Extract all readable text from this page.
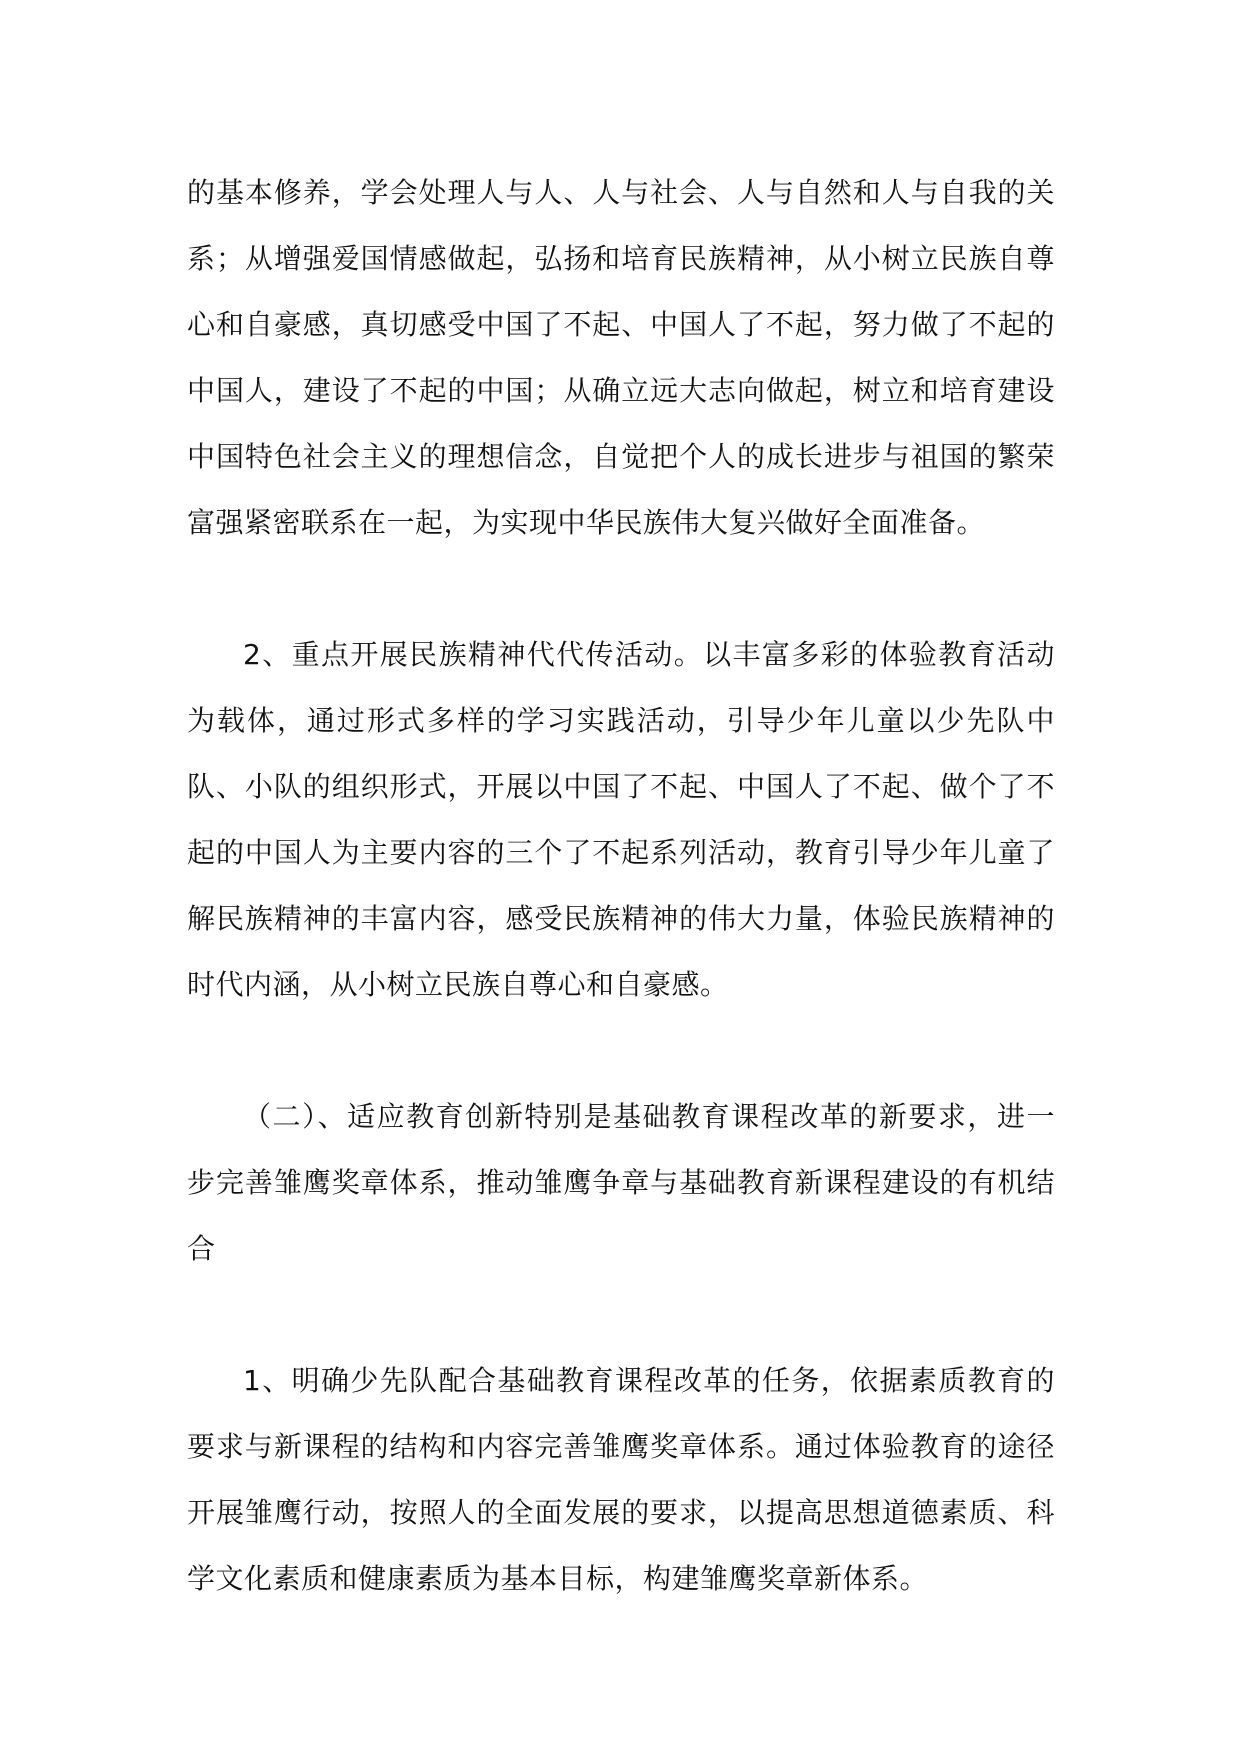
的基本修养，学会处理人与人、人与社会、人与自然和人与自我的关系；从增强爱国情感做起，弘扬和培育民族精神，从小树立民族自尊心和自豪感，真切感受中国了不起、中国人了不起，努力做了不起的中国人，建设了不起的中国；从确立远大志向做起，树立和培育建设中国特色社会主义的理想信念，自觉把个人的成长进步与祖国的繁荣富强紧密联系在一起，为实现中华民族伟大复兴做好全面准备。

2、重点开展民族精神代代传活动。以丰富多彩的体验教育活动为载体，通过形式多样的学习实践活动，引导少年儿童以少先队中队、小队的组织形式，开展以中国了不起、中国人了不起、做个了不起的中国人为主要内容的三个了不起系列活动，教育引导少年儿童了解民族精神的丰富内容，感受民族精神的伟大力量，体验民族精神的时代内涵，从小树立民族自尊心和自豪感。

（二）、适应教育创新特别是基础教育课程改革的新要求，进一步完善雏鹰奖章体系，推动雏鹰争章与基础教育新课程建设的有机结合

1、明确少先队配合基础教育课程改革的任务，依据素质教育的要求与新课程的结构和内容完善雏鹰奖章体系。通过体验教育的途径开展雏鹰行动，按照人的全面发展的要求，以提高思想道德素质、科学文化素质和健康素质为基本目标，构建雏鹰奖章新体系。
